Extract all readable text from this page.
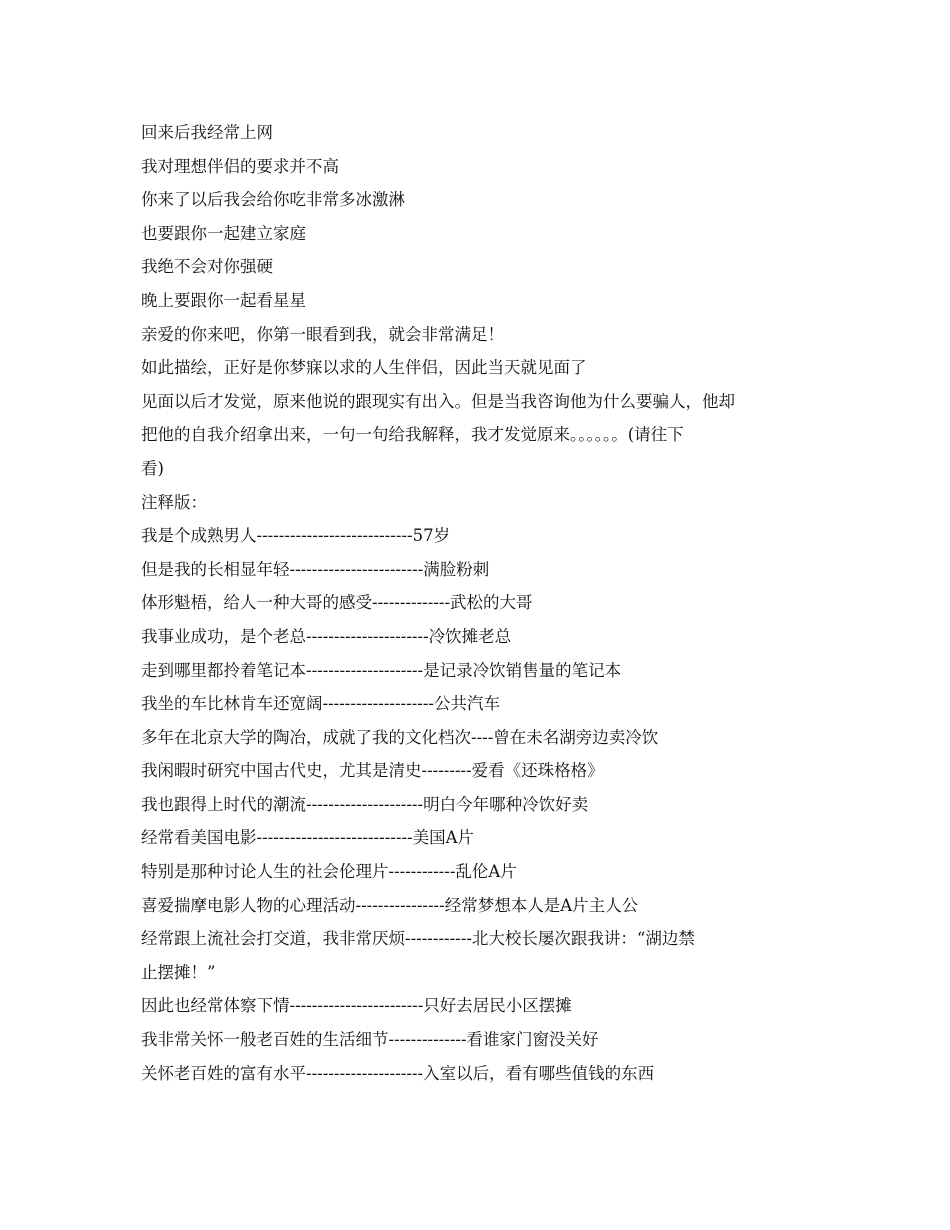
回来后我经常上网
我对理想伴侣的要求并不高
你来了以后我会给你吃非常多冰激淋
也要跟你一起建立家庭
我绝不会对你强硬
晚上要跟你一起看星星
亲爱的你来吧，你第一眼看到我，就会非常满足！
如此描绘，正好是你梦寐以求的人生伴侣，因此当天就见面了
见面以后才发觉，原来他说的跟现实有出入。但是当我咨询他为什么要骗人，他却
把他的自我介绍拿出来，一句一句给我解释，我才发觉原来。。。。。。(请往下
看)
注释版：
我是个成熟男人----------------------------57岁
但是我的长相显年轻------------------------满脸粉刺
体形魁梧，给人一种大哥的感受--------------武松的大哥
我事业成功，是个老总----------------------冷饮摊老总
走到哪里都拎着笔记本---------------------是记录冷饮销售量的笔记本
我坐的车比林肯车还宽阔--------------------公共汽车
多年在北京大学的陶冶，成就了我的文化档次----曾在未名湖旁边卖冷饮
我闲暇时研究中国古代史，尤其是清史---------爱看《还珠格格》
我也跟得上时代的潮流---------------------明白今年哪种冷饮好卖
经常看美国电影----------------------------美国A片
特别是那种讨论人生的社会伦理片------------乱伦A片
喜爱揣摩电影人物的心理活动----------------经常梦想本人是A片主人公
经常跟上流社会打交道，我非常厌烦------------北大校长屡次跟我讲：“湖边禁
止摆摊！”
因此也经常体察下情------------------------只好去居民小区摆摊
我非常关怀一般老百姓的生活细节--------------看谁家门窗没关好
关怀老百姓的富有水平---------------------入室以后，看有哪些值钱的东西
